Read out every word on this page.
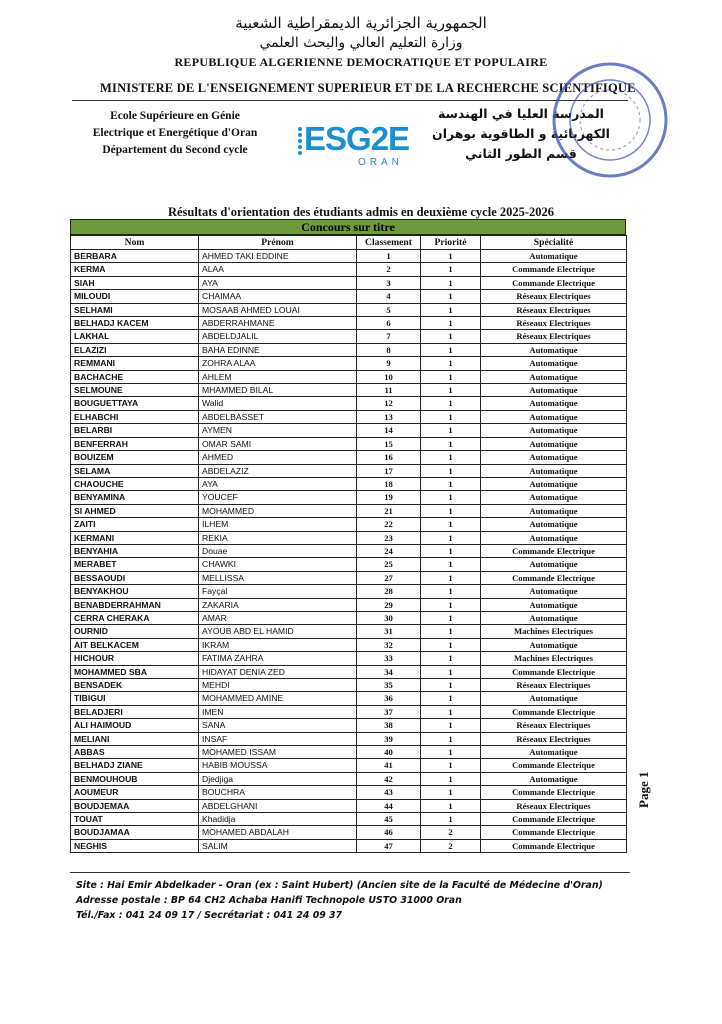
الجمهورية الجزائرية الديمقراطية الشعبية
وزارة التعليم العالي والبحث العلمي
REPUBLIQUE ALGERIENNE DEMOCRATIQUE ET POPULAIRE
MINISTERE DE L'ENSEIGNEMENT SUPERIEUR ET DE LA RECHERCHE SCIENTIFIQUE
Ecole Supérieure en Génie
Electrique et Energétique d'Oran
Département du Second cycle	ESG2E
ORAN
المدرسة العليا في الهندسة
الكهربائية و الطاقوية بوهران
قسم الطور الثاني
Résultats d'orientation des étudiants admis en deuxième cycle 2025-2026
Concours sur titre
Nom	Prénom	Classement	Priorité	Spécialité
BERBARA	AHMED TAKI EDDINE	1	1	Automatique
KERMA	ALAA	2	1	Commande Electrique
SIAH	AYA	3	1	Commande Electrique
MILOUDI	CHAIMAA	4	1	Réseaux Electriques
SELHAMI	MOSAAB AHMED LOUAI	5	1	Réseaux Electriques
BELHADJ KACEM	ABDERRAHMANE	6	1	Réseaux Electriques
LAKHAL	ABDELDJALIL	7	1	Réseaux Electriques
ELAZIZI	BAHA EDINNE	8	1	Automatique
REMMANI	ZOHRA ALAA	9	1	Automatique
BACHACHE	AHLEM	10	1	Automatique
SELMOUNE	MHAMMED BILAL	11	1	Automatique
BOUGUETTAYA	Walid	12	1	Automatique
ELHABCHI	ABDELBASSET	13	1	Automatique
BELARBI	AYMEN	14	1	Automatique
BENFERRAH	OMAR SAMI	15	1	Automatique
BOUIZEM	AHMED	16	1	Automatique
SELAMA	ABDELAZIZ	17	1	Automatique
CHAOUCHE	AYA	18	1	Automatique
BENYAMINA	YOUCEF	19	1	Automatique
SI AHMED	MOHAMMED	21	1	Automatique
ZAITI	ILHEM	22	1	Automatique
KERMANI	REKIA	23	1	Automatique
BENYAHIA	Douae	24	1	Commande Electrique
MERABET	CHAWKI	25	1	Automatique
BESSAOUDI	MELLISSA	27	1	Commande Electrique
BENYAKHOU	Fayçal	28	1	Automatique
BENABDERRAHMAN	ZAKARIA	29	1	Automatique
CERRA CHERAKA	AMAR	30	1	Automatique
OURNID	AYOUB ABD EL HAMID	31	1	Machines Electriques
AIT BELKACEM	IKRAM	32	1	Automatique
HICHOUR	FATIMA ZAHRA	33	1	Machines Electriques
MOHAMMED SBA	HIDAYAT DENIA ZED	34	1	Commande Electrique
BENSADEK	MEHDI	35	1	Réseaux Electriques
TIBIGUI	MOHAMMED AMINE	36	1	Automatique
BELADJERI	IMEN	37	1	Commande Electrique
ALI HAIMOUD	SANA	38	1	Réseaux Electriques
MELIANI	INSAF	39	1	Réseaux Electriques
ABBAS	MOHAMED ISSAM	40	1	Automatique
BELHADJ ZIANE	HABIB MOUSSA	41	1	Commande Electrique
BENMOUHOUB	Djedjiga	42	1	Automatique
AOUMEUR	BOUCHRA	43	1	Commande Electrique
BOUDJEMAA	ABDELGHANI	44	1	Réseaux Electriques
TOUAT	Khadidja	45	1	Commande Electrique
BOUDJAMAA	MOHAMED ABDALAH	46	2	Commande Electrique
NEGHIS	SALIM	47	2	Commande Electrique
Page 1
Site : Hai Emir Abdelkader - Oran (ex : Saint Hubert) (Ancien site de la Faculté de Médecine d'Oran)
Adresse postale : BP 64 CH2 Achaba Hanifi Technopole USTO 31000 Oran
Tél./Fax : 041 24 09 17 / Secrétariat : 041 24 09 37
